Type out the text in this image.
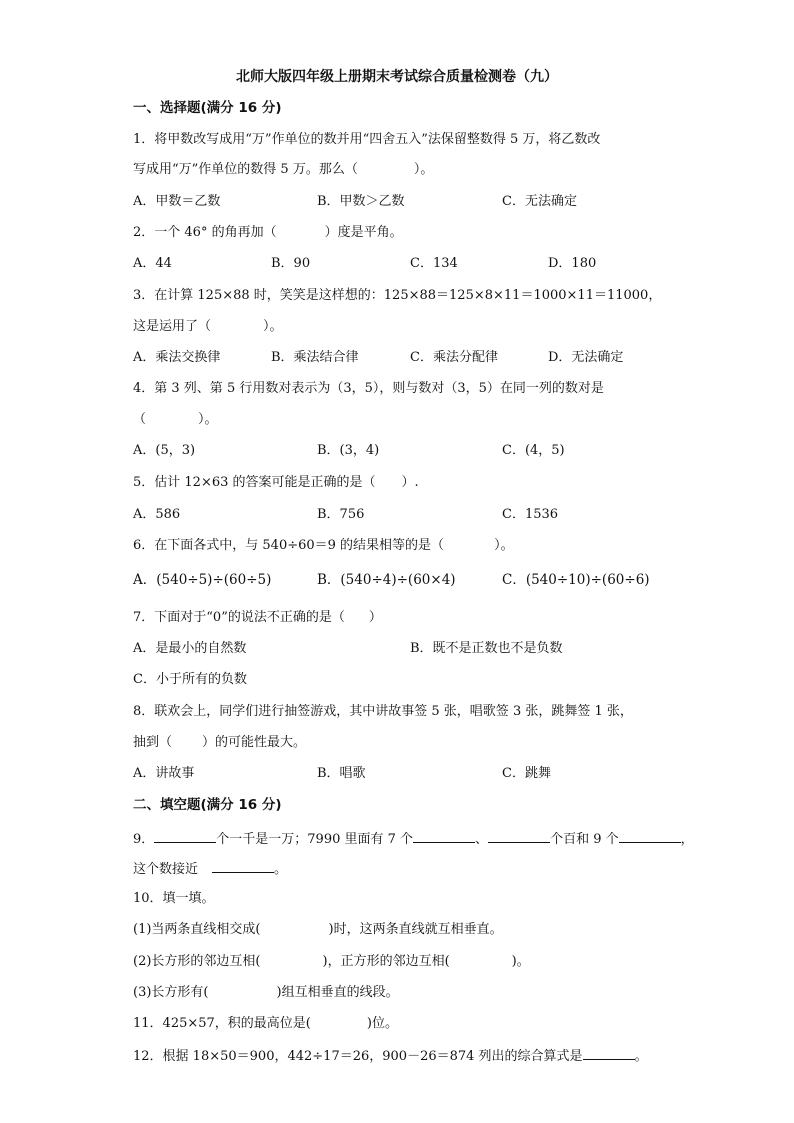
北师大版四年级上册期末考试综合质量检测卷（九）
一、选择题(满分 16 分)
1．将甲数改写成用“万”作单位的数并用“四舍五入”法保留整数得 5 万，将乙数改
写成用“万”作单位的数得 5 万。那么（	）。
A．甲数＝乙数	B．甲数＞乙数	C．无法确定
2．一个 46° 的角再加（	）度是平角。
A．44	B．90	C．134	D．180
3．在计算 125×88 时，笑笑是这样想的：125×88＝125×8×11＝1000×11＝11000，
这是运用了（	）。
A．乘法交换律	B．乘法结合律	C．乘法分配律	D．无法确定
4．第 3 列、第 5 行用数对表示为（3，5），则与数对（3，5）在同一列的数对是
（	）。
A．(5，3)	B．(3，4)	C．(4，5)
5．估计 12×63 的答案可能是正确的是（ ）.
A．586	B．756	C．1536
6．在下面各式中，与 540÷60＝9 的结果相等的是（	）。
A．(540÷5)÷(60÷5)	B．(540÷4)÷(60×4)	C．(540÷10)÷(60÷6)
7．下面对于“0”的说法不正确的是（ ）
A．是最小的自然数	B．既不是正数也不是负数
C．小于所有的负数
8．联欢会上，同学们进行抽签游戏，其中讲故事签 5 张，唱歌签 3 张，跳舞签 1 张，
抽到（ ）的可能性最大。
A．讲故事	B．唱歌	C．跳舞
二、填空题(满分 16 分)
9．	个一千是一万；7990 里面有 7 个	、	个百和 9 个	，
这个数接近	。
10．填一填。
(1)当两条直线相交成(	)时，这两条直线就互相垂直。
(2)长方形的邻边互相(	)，正方形的邻边互相(	)。
(3)长方形有(	)组互相垂直的线段。
11．425×57，积的最高位是(	)位。
12．根据 18×50＝900，442÷17＝26，900－26＝874 列出的综合算式是	。
